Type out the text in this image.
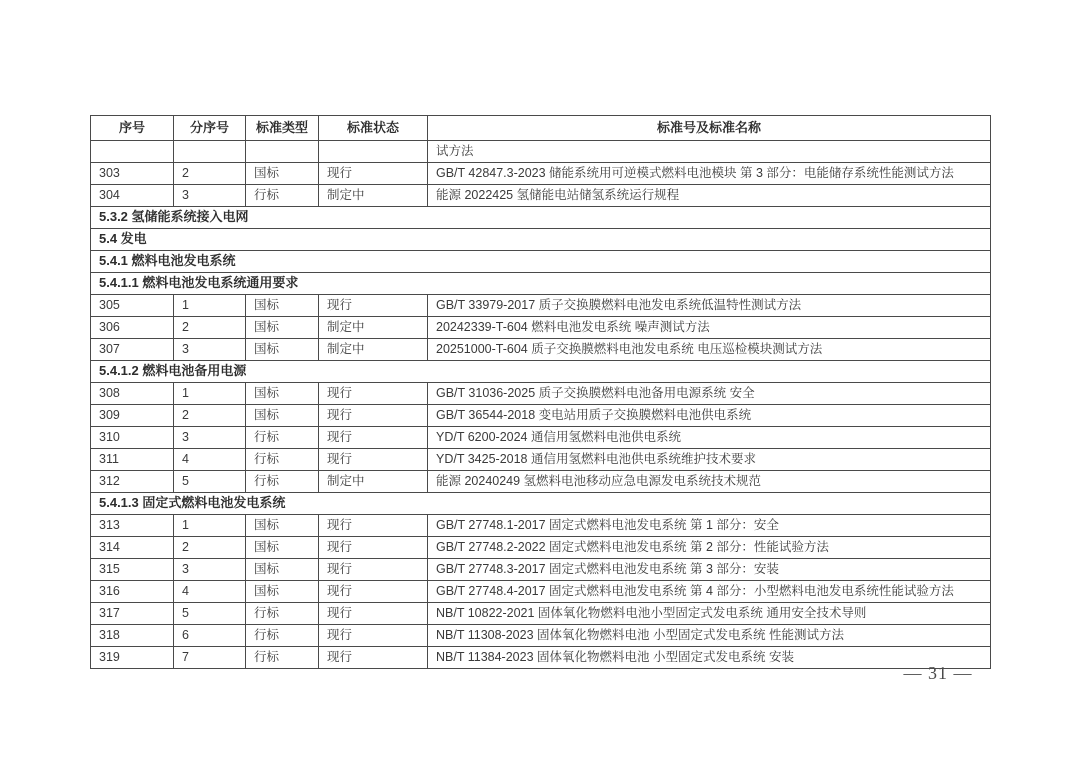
序号	分序号	标准类型	标准状态	标准号及标准名称
				试方法
303	2	国标	现行	GB/T 42847.3-2023 储能系统用可逆模式燃料电池模块 第 3 部分：电能储存系统性能测试方法
304	3	行标	制定中	能源 2022425 氢储能电站储氢系统运行规程
5.3.2 氢储能系统接入电网				
5.4 发电				
5.4.1 燃料电池发电系统				
5.4.1.1 燃料电池发电系统通用要求				
305	1	国标	现行	GB/T 33979-2017 质子交换膜燃料电池发电系统低温特性测试方法
306	2	国标	制定中	20242339-T-604 燃料电池发电系统 噪声测试方法
307	3	国标	制定中	20251000-T-604 质子交换膜燃料电池发电系统 电压巡检模块测试方法
5.4.1.2 燃料电池备用电源				
308	1	国标	现行	GB/T 31036-2025 质子交换膜燃料电池备用电源系统 安全
309	2	国标	现行	GB/T 36544-2018 变电站用质子交换膜燃料电池供电系统
310	3	行标	现行	YD/T 6200-2024 通信用氢燃料电池供电系统
311	4	行标	现行	YD/T 3425-2018 通信用氢燃料电池供电系统维护技术要求
312	5	行标	制定中	能源 20240249 氢燃料电池移动应急电源发电系统技术规范
5.4.1.3 固定式燃料电池发电系统				
313	1	国标	现行	GB/T 27748.1-2017 固定式燃料电池发电系统 第 1 部分：安全
314	2	国标	现行	GB/T 27748.2-2022 固定式燃料电池发电系统 第 2 部分：性能试验方法
315	3	国标	现行	GB/T 27748.3-2017 固定式燃料电池发电系统 第 3 部分：安装
316	4	国标	现行	GB/T 27748.4-2017 固定式燃料电池发电系统 第 4 部分：小型燃料电池发电系统性能试验方法
317	5	行标	现行	NB/T 10822-2021 固体氧化物燃料电池小型固定式发电系统 通用安全技术导则
318	6	行标	现行	NB/T 11308-2023 固体氧化物燃料电池 小型固定式发电系统 性能测试方法
319	7	行标	现行	NB/T 11384-2023 固体氧化物燃料电池 小型固定式发电系统 安装
— 31 —
